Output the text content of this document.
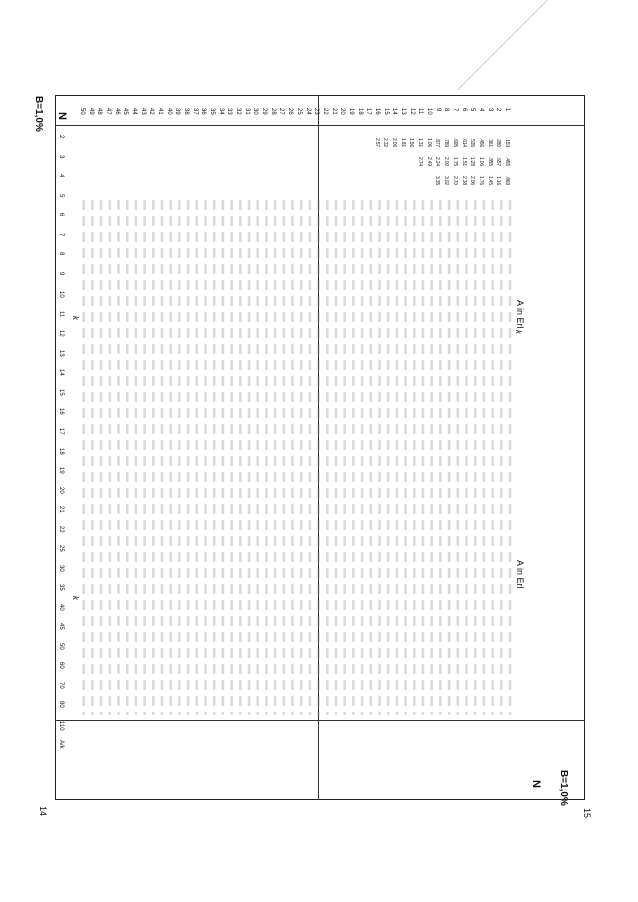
B=1,0%
B=1,0%
14	15
A in Erl
A in Erl
k
k
k
N
N
2
3
4
5
6
7
8
9
10
11
12
13
14
15
16
17
18
19
20
21
22
25
30
35
40
45
50
60
70
80
110
A/k
1
2
3
4
5
6
7
8
9
10
11
12
13
14
15
16
17
18
19
20
21
22
23
24
25
26
27
28
29
30
31
32
33
34
35
36
37
38
39
40
41
42
43
44
45
46
47
48
49
50
.153
.280
.361
.456
.535
.614
.695
.789
.877
1.06
1.31
1.56
1.81
2.06
2.32
2.57
.455
.657
.855
1.06
1.28
1.51
1.75
2.00
2.24
2.49
2.74
.869
1.16
1.45
1.76
2.06
2.38
2.70
3.02
3.35
